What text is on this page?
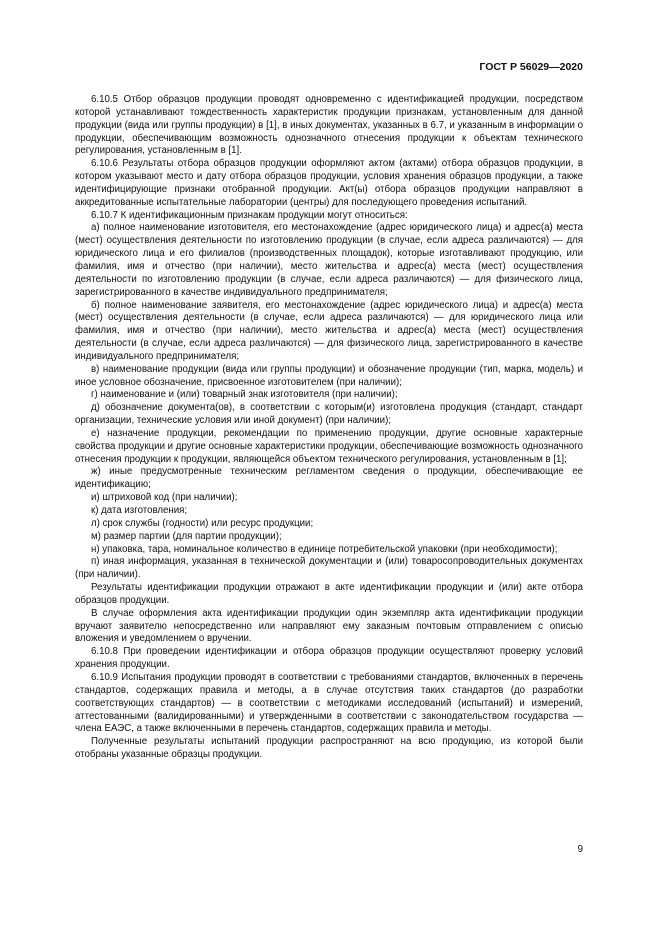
ГОСТ Р 56029—2020

6.10.5 Отбор образцов продукции проводят одновременно с идентификацией продукции, посредством которой устанавливают тождественность характеристик продукции признакам, установленным для данной продукции (вида или группы продукции) в [1], в иных документах, указанных в 6.7, и указанным в информации о продукции, обеспечивающим возможность однозначного отнесения продукции к объектам технического регулирования, установленным в [1].

6.10.6 Результаты отбора образцов продукции оформляют актом (актами) отбора образцов продукции, в котором указывают место и дату отбора образцов продукции, условия хранения образцов продукции, а также идентифицирующие признаки отобранной продукции. Акт(ы) отбора образцов продукции направляют в аккредитованные испытательные лаборатории (центры) для последующего проведения испытаний.

6.10.7 К идентификационным признакам продукции могут относиться:

а) полное наименование изготовителя, его местонахождение (адрес юридического лица) и адрес(а) места (мест) осуществления деятельности по изготовлению продукции (в случае, если адреса различаются) — для юридического лица и его филиалов (производственных площадок), которые изготавливают продукцию, или фамилия, имя и отчество (при наличии), место жительства и адрес(а) места (мест) осуществления деятельности по изготовлению продукции (в случае, если адреса различаются) — для физического лица, зарегистрированного в качестве индивидуального предпринимателя;

б) полное наименование заявителя, его местонахождение (адрес юридического лица) и адрес(а) места (мест) осуществления деятельности (в случае, если адреса различаются) — для юридического лица или фамилия, имя и отчество (при наличии), место жительства и адрес(а) места (мест) осуществления деятельности (в случае, если адреса различаются) — для физического лица, зарегистрированного в качестве индивидуального предпринимателя;

в) наименование продукции (вида или группы продукции) и обозначение продукции (тип, марка, модель) и иное условное обозначение, присвоенное изготовителем (при наличии);

г) наименование и (или) товарный знак изготовителя (при наличии);

д) обозначение документа(ов), в соответствии с которым(и) изготовлена продукция (стандарт, стандарт организации, технические условия или иной документ) (при наличии);

е) назначение продукции, рекомендации по применению продукции, другие основные характерные свойства продукции и другие основные характеристики продукции, обеспечивающие возможность однозначного отнесения продукции к продукции, являющейся объектом технического регулирования, установленным в [1];

ж) иные предусмотренные техническим регламентом сведения о продукции, обеспечивающие ее идентификацию;

и) штриховой код (при наличии);

к) дата изготовления;

л) срок службы (годности) или ресурс продукции;

м) размер партии (для партии продукции);

н) упаковка, тара, номинальное количество в единице потребительской упаковки (при необходимости);

п) иная информация, указанная в технической документации и (или) товаросопроводительных документах (при наличии).

Результаты идентификации продукции отражают в акте идентификации продукции и (или) акте отбора образцов продукции.

В случае оформления акта идентификации продукции один экземпляр акта идентификации продукции вручают заявителю непосредственно или направляют ему заказным почтовым отправлением с описью вложения и уведомлением о вручении.

6.10.8 При проведении идентификации и отбора образцов продукции осуществляют проверку условий хранения продукции.

6.10.9 Испытания продукции проводят в соответствии с требованиями стандартов, включенных в перечень стандартов, содержащих правила и методы, а в случае отсутствия таких стандартов (до разработки соответствующих стандартов) — в соответствии с методиками исследований (испытаний) и измерений, аттестованными (валидированными) и утвержденными в соответствии с законодательством государства — члена ЕАЭС, а также включенными в перечень стандартов, содержащих правила и методы.

Полученные результаты испытаний продукции распространяют на всю продукцию, из которой были отобраны указанные образцы продукции.

9
